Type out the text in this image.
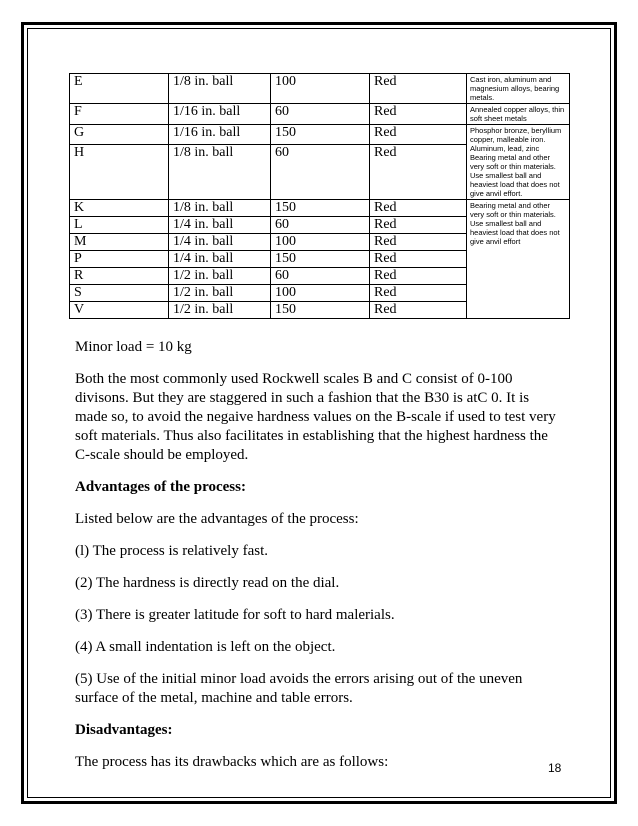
E	1/8 in. ball	100	Red	Cast iron, aluminum and magnesium alloys, bearing metals.
F	1/16 in. ball	60	Red	Annealed copper alloys, thin soft sheet metals
G	1/16 in. ball	150	Red	Phosphor bronze, beryllium copper, malleable iron. Aluminum, lead, zinc Bearing metal and other very soft or thin materials. Use smallest ball and heaviest load that does not give anvil effort.
H	1/8 in. ball	60	Red	
K	1/8 in. ball	150	Red	Bearing metal and other very soft or thin materials. Use smallest ball and heaviest load that does not give anvil effort
L	1/4 in. ball	60	Red	
M	1/4 in. ball	100	Red	
P	1/4 in. ball	150	Red	
R	1/2 in. ball	60	Red	
S	1/2 in. ball	100	Red	
V	1/2 in. ball	150	Red	

Minor load = 10 kg

Both the most commonly used Rockwell scales B and C consist of 0-100 divisons. But they are staggered in such a fashion that the B30 is atC 0. It is made so, to avoid the negaive hardness values on the B-scale if used to test very soft materials. Thus also facilitates in establishing that the highest hardness the C-scale should be employed.

Advantages of the process:

Listed below are the advantages of the process:

(l) The process is relatively fast.

(2) The hardness is directly read on the dial.

(3) There is greater latitude for soft to hard malerials.

(4) A small indentation is left on the object.

(5) Use of the initial minor load avoids the errors arising out of the uneven surface of the metal, machine and table errors.

Disadvantages:

The process has its drawbacks which are as follows:	18
